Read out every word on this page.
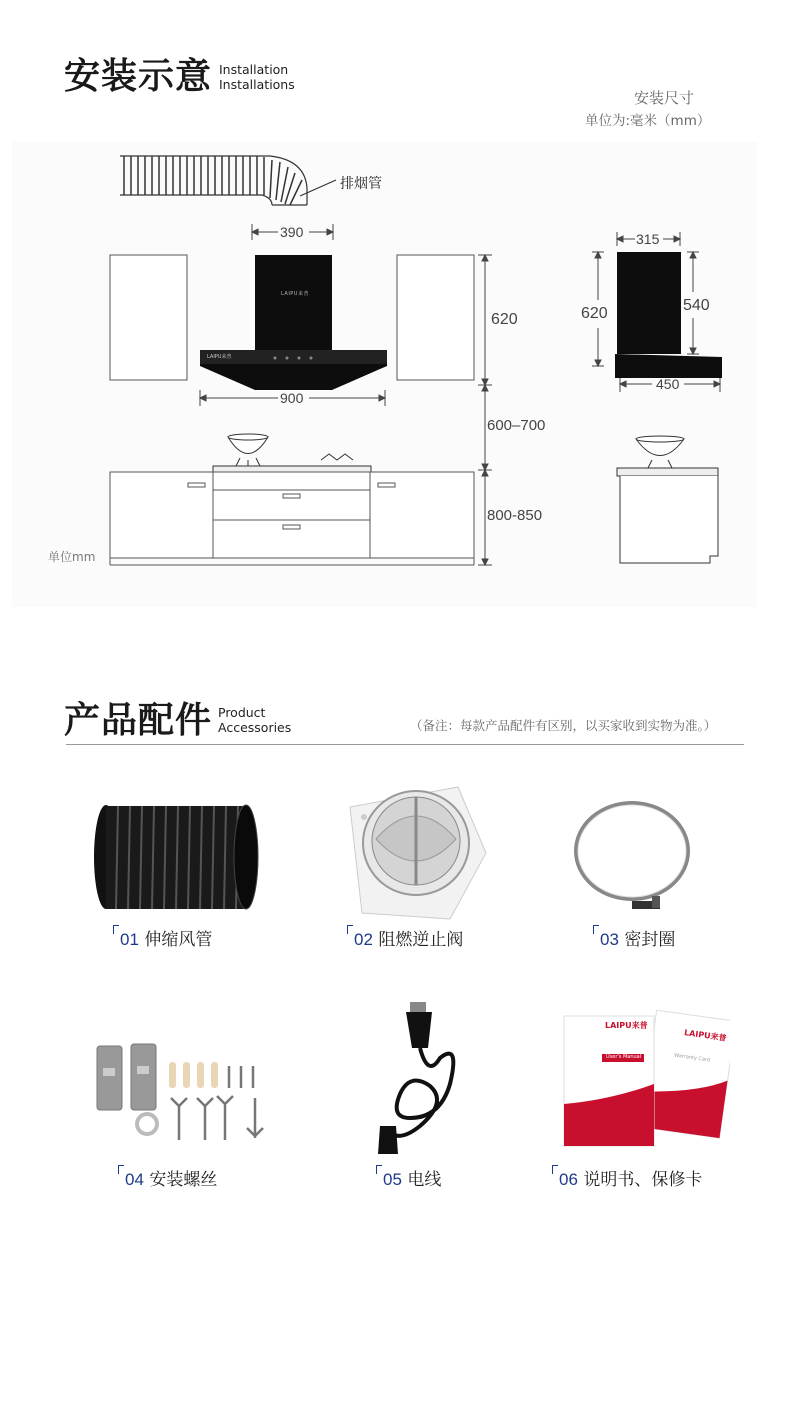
安装示意 Installation
Installations
安装尺寸
单位为:毫米（mm）
排烟管
LAIPU来普
LAIPU来普
390
620
900
600–700
800-850
单位mm
315
620	540
450
产品配件 Product
Accessories	（备注：每款产品配件有区别，以买家收到实物为准。）
LAIPU来普
User's Manual
LAIPU来普
Warranty Card
01 伸缩风管	02 阻燃逆止阀	03 密封圈
04 安装螺丝	05 电线	06 说明书、保修卡
